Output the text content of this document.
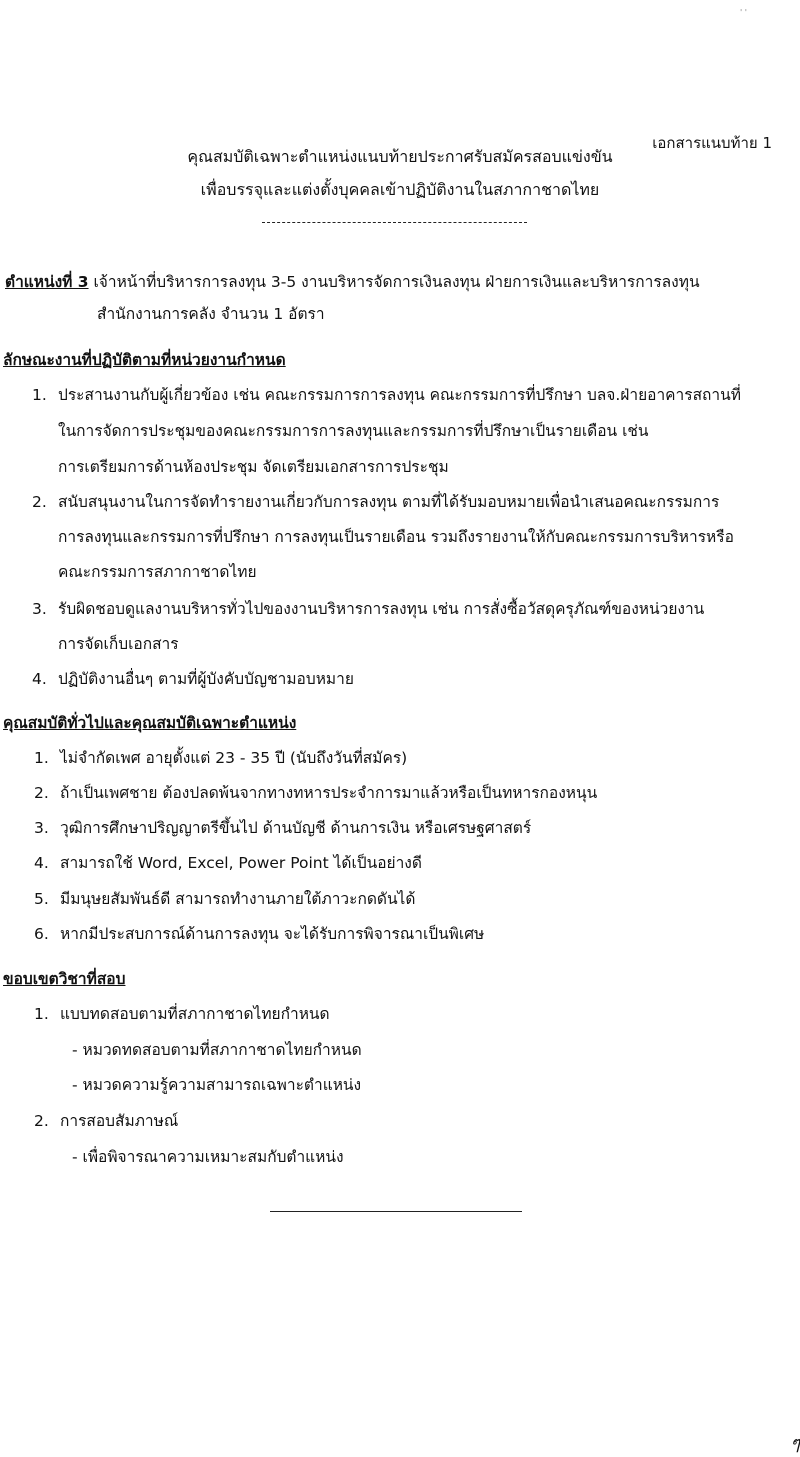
' '
เอกสารแนบท้าย 1
คุณสมบัติเฉพาะตำแหน่งแนบท้ายประกาศรับสมัครสอบแข่งขัน
เพื่อบรรจุและแต่งตั้งบุคคลเข้าปฏิบัติงานในสภากาชาดไทย
ตำแหน่งที่ 3 เจ้าหน้าที่บริหารการลงทุน 3-5 งานบริหารจัดการเงินลงทุน ฝ่ายการเงินและบริหารการลงทุน
สำนักงานการคลัง จำนวน 1 อัตรา
ลักษณะงานที่ปฏิบัติตามที่หน่วยงานกำหนด
1. ประสานงานกับผู้เกี่ยวข้อง เช่น คณะกรรมการการลงทุน คณะกรรมการที่ปรึกษา บลจ.ฝ่ายอาคารสถานที่
ในการจัดการประชุมของคณะกรรมการการลงทุนและกรรมการที่ปรึกษาเป็นรายเดือน เช่น
การเตรียมการด้านห้องประชุม จัดเตรียมเอกสารการประชุม
2. สนับสนุนงานในการจัดทำรายงานเกี่ยวกับการลงทุน ตามที่ได้รับมอบหมายเพื่อนำเสนอคณะกรรมการ
การลงทุนและกรรมการที่ปรึกษา การลงทุนเป็นรายเดือน รวมถึงรายงานให้กับคณะกรรมการบริหารหรือ
คณะกรรมการสภากาชาดไทย
3. รับผิดชอบดูแลงานบริหารทั่วไปของงานบริหารการลงทุน เช่น การสั่งซื้อวัสดุครุภัณฑ์ของหน่วยงาน
การจัดเก็บเอกสาร
4. ปฏิบัติงานอื่นๆ ตามที่ผู้บังคับบัญชามอบหมาย
คุณสมบัติทั่วไปและคุณสมบัติเฉพาะตำแหน่ง
1. ไม่จำกัดเพศ อายุตั้งแต่ 23 - 35 ปี (นับถึงวันที่สมัคร)
2. ถ้าเป็นเพศชาย ต้องปลดพ้นจากทางทหารประจำการมาแล้วหรือเป็นทหารกองหนุน
3. วุฒิการศึกษาปริญญาตรีขึ้นไป ด้านบัญชี ด้านการเงิน หรือเศรษฐศาสตร์
4. สามารถใช้ Word, Excel, Power Point ได้เป็นอย่างดี
5. มีมนุษยสัมพันธ์ดี สามารถทำงานภายใต้ภาวะกดดันได้
6. หากมีประสบการณ์ด้านการลงทุน จะได้รับการพิจารณาเป็นพิเศษ
ขอบเขตวิชาที่สอบ
1. แบบทดสอบตามที่สภากาชาดไทยกำหนด
- หมวดทดสอบตามที่สภากาชาดไทยกำหนด
- หมวดความรู้ความสามารถเฉพาะตำแหน่ง
2. การสอบสัมภาษณ์
- เพื่อพิจารณาความเหมาะสมกับตำแหน่ง
ๆ
